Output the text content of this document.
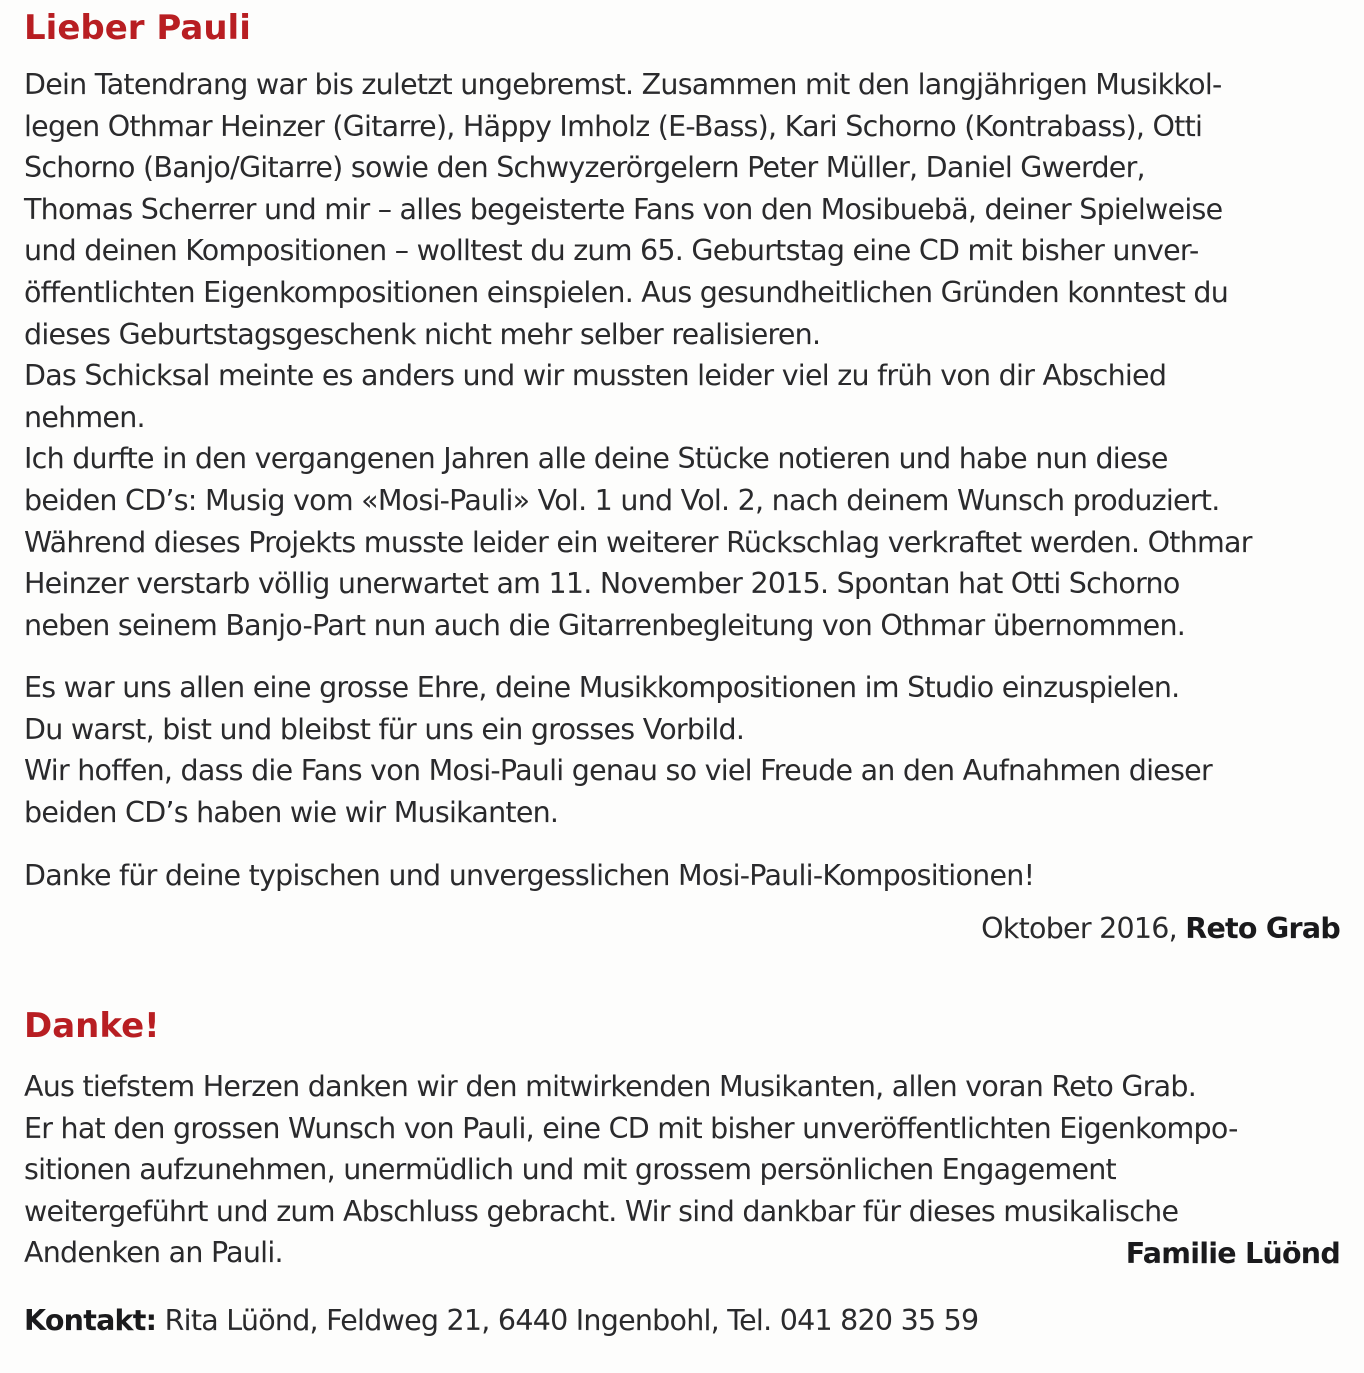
Lieber Pauli

Dein Tatendrang war bis zuletzt ungebremst. Zusammen mit den langjährigen Musikkol-
legen Othmar Heinzer (Gitarre), Häppy Imholz (E-Bass), Kari Schorno (Kontrabass), Otti
Schorno (Banjo/Gitarre) sowie den Schwyzerörgelern Peter Müller, Daniel Gwerder,
Thomas Scherrer und mir – alles begeisterte Fans von den Mosibuebä, deiner Spielweise
und deinen Kompositionen – wolltest du zum 65. Geburtstag eine CD mit bisher unver-
öffentlichten Eigenkompositionen einspielen. Aus gesundheitlichen Gründen konntest du
dieses Geburtstagsgeschenk nicht mehr selber realisieren.
Das Schicksal meinte es anders und wir mussten leider viel zu früh von dir Abschied
nehmen.
Ich durfte in den vergangenen Jahren alle deine Stücke notieren und habe nun diese
beiden CD’s: Musig vom «Mosi-Pauli» Vol. 1 und Vol. 2, nach deinem Wunsch produziert.
Während dieses Projekts musste leider ein weiterer Rückschlag verkraftet werden. Othmar
Heinzer verstarb völlig unerwartet am 11. November 2015. Spontan hat Otti Schorno
neben seinem Banjo-Part nun auch die Gitarrenbegleitung von Othmar übernommen.

Es war uns allen eine grosse Ehre, deine Musikkompositionen im Studio einzuspielen.
Du warst, bist und bleibst für uns ein grosses Vorbild.
Wir hoffen, dass die Fans von Mosi-Pauli genau so viel Freude an den Aufnahmen dieser
beiden CD’s haben wie wir Musikanten.

Danke für deine typischen und unvergesslichen Mosi-Pauli-Kompositionen!

Oktober 2016, Reto Grab
Danke!

Aus tiefstem Herzen danken wir den mitwirkenden Musikanten, allen voran Reto Grab.
Er hat den grossen Wunsch von Pauli, eine CD mit bisher unveröffentlichten Eigenkompo-
sitionen aufzunehmen, unermüdlich und mit grossem persönlichen Engagement
weitergeführt und zum Abschluss gebracht. Wir sind dankbar für dieses musikalische
Andenken an Pauli.	Familie Lüönd
Kontakt: Rita Lüönd, Feldweg 21, 6440 Ingenbohl, Tel. 041 820 35 59
